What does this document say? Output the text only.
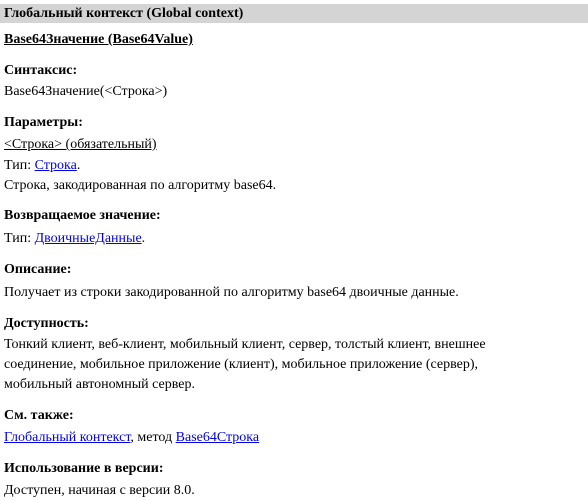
Глобальный контекст (Global context)
Base64Значение (Base64Value)
Синтаксис:
Base64Значение(<Строка>)
Параметры:
<Строка> (обязательный)
Тип: Строка.
Строка, закодированная по алгоритму base64.
Возвращаемое значение:
Тип: ДвоичныеДанные.
Описание:
Получает из строки закодированной по алгоритму base64 двоичные данные.
Доступность:
Тонкий клиент, веб-клиент, мобильный клиент, сервер, толстый клиент, внешнее
соединение, мобильное приложение (клиент), мобильное приложение (сервер),
мобильный автономный сервер.
См. также:
Глобальный контекст, метод Base64Строка
Использование в версии:
Доступен, начиная с версии 8.0.
